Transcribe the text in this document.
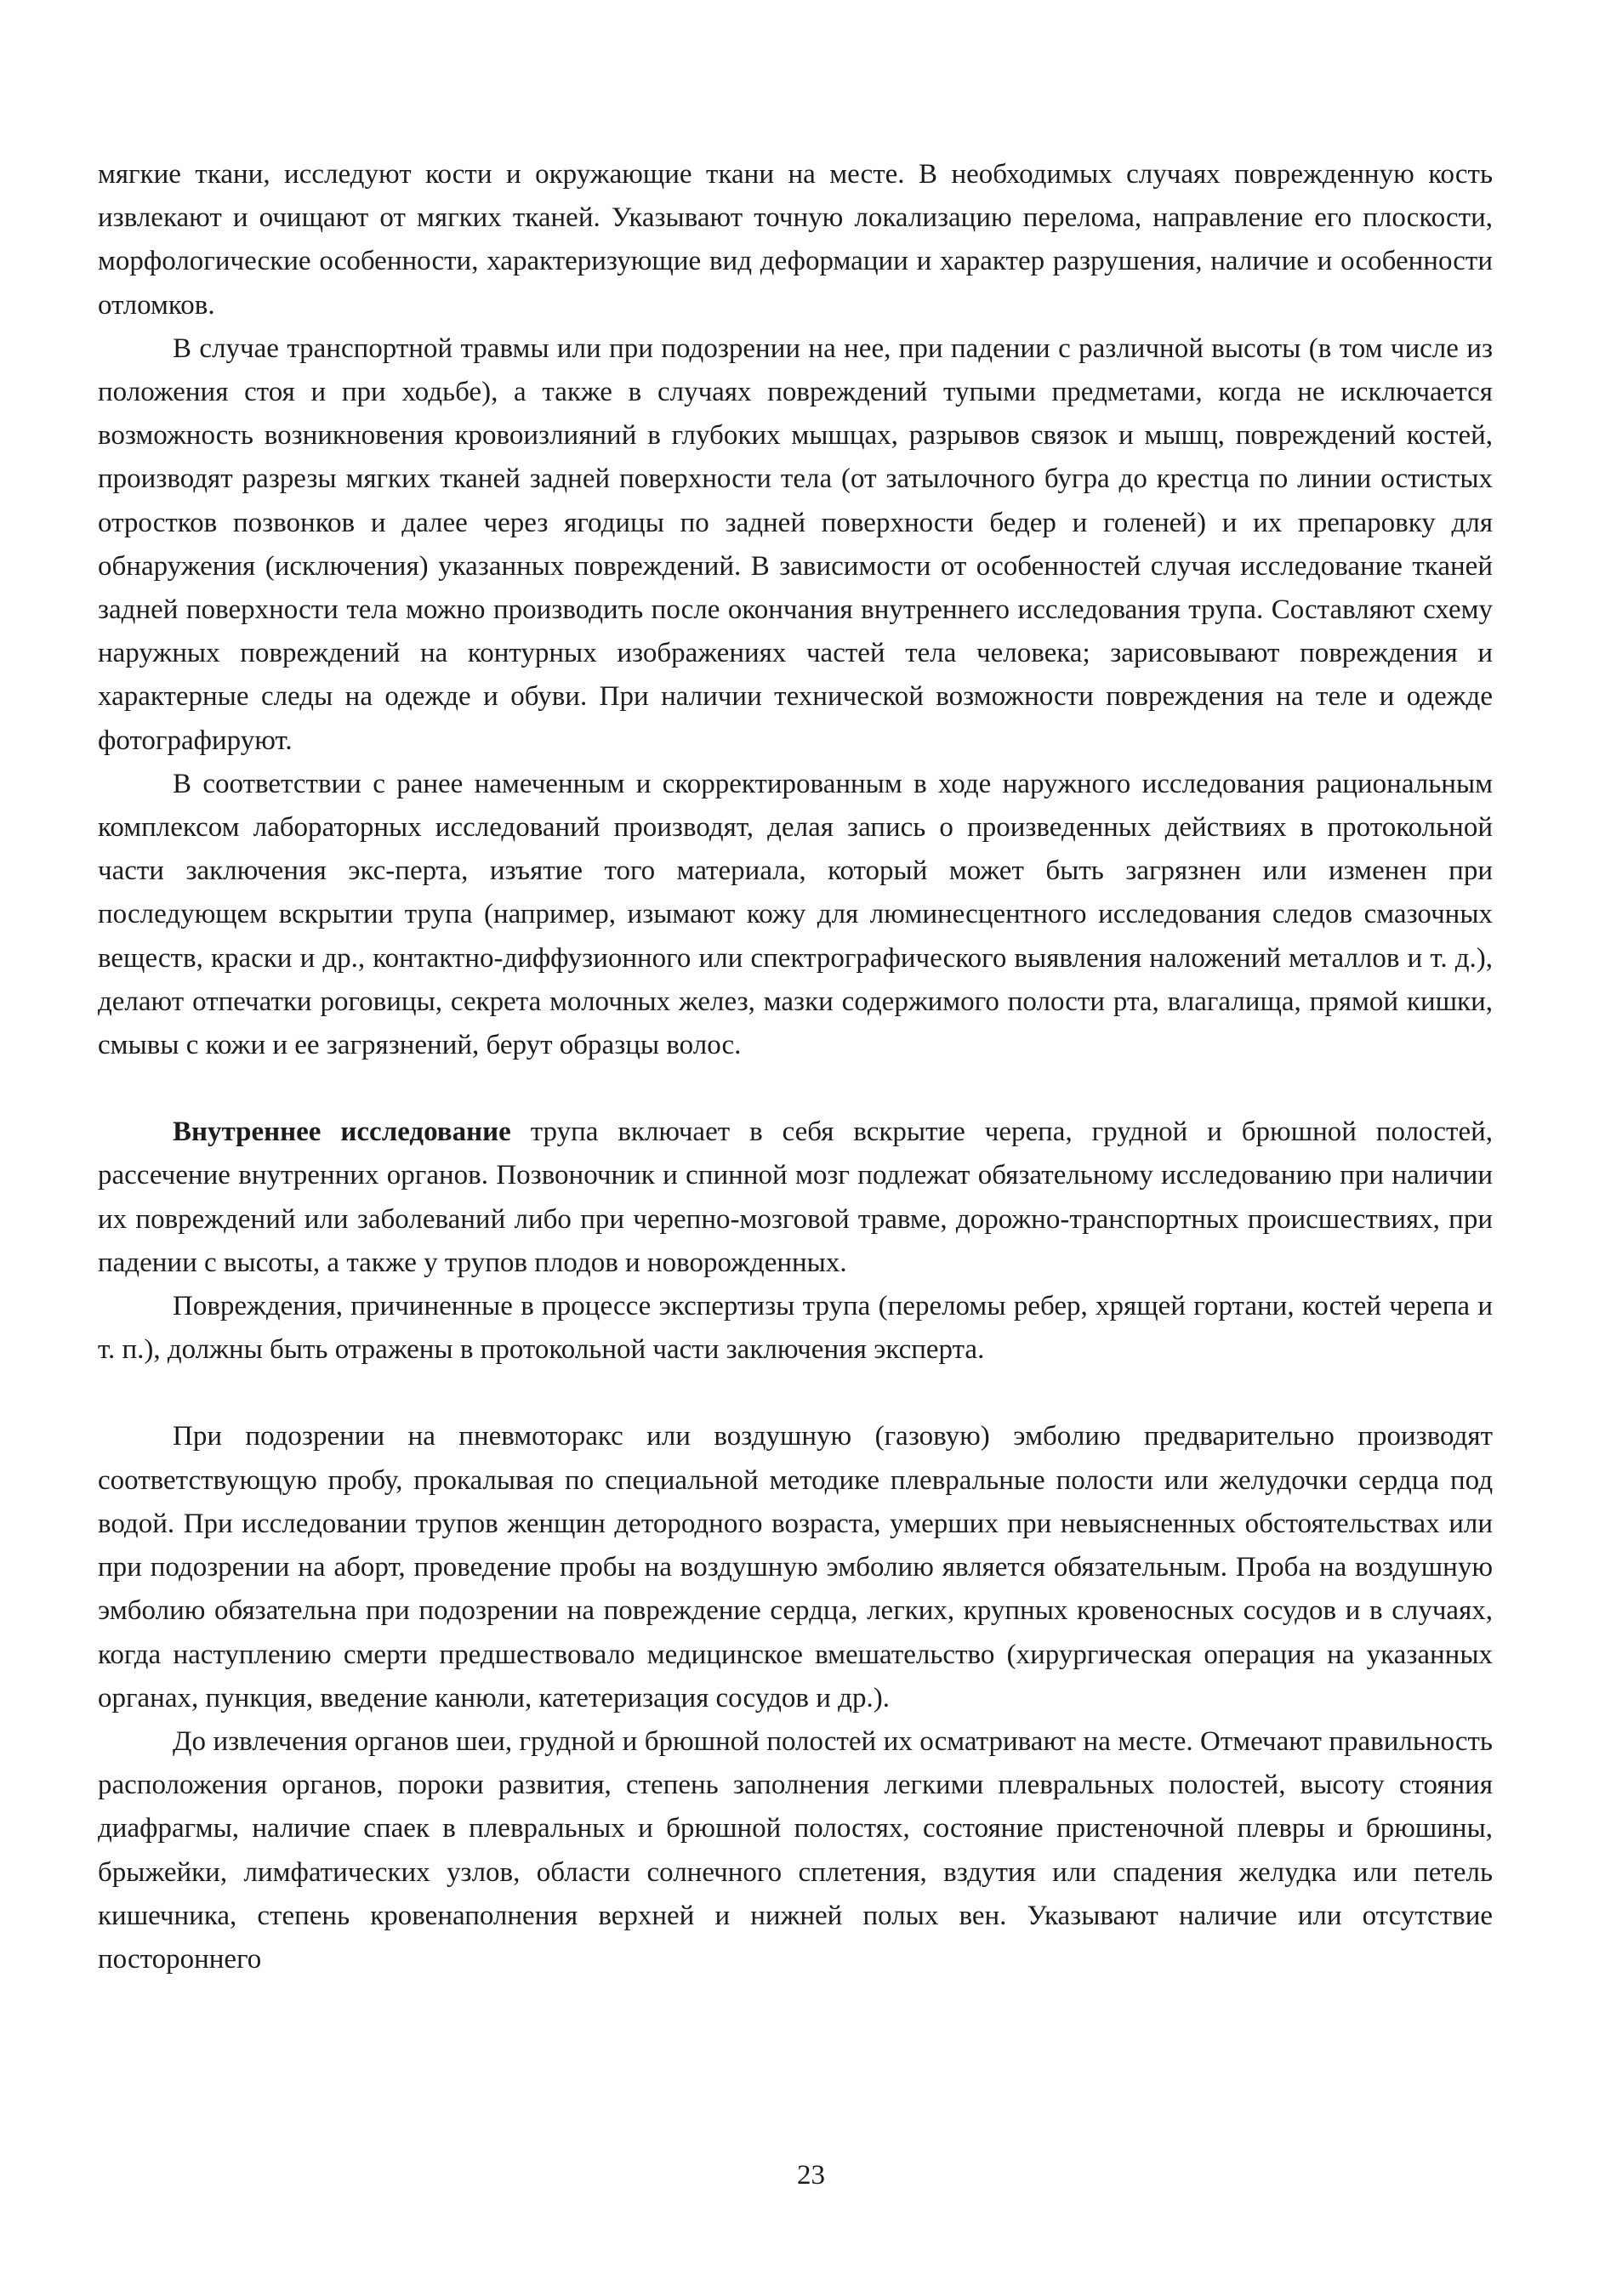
мягкие ткани, исследуют кости и окружающие ткани на месте. В необходимых случаях поврежденную кость извлекают и очищают от мягких тканей. Указывают точную локализацию перелома, направление его плоскости, морфологические особенности, характеризующие вид деформации и характер разрушения, наличие и особенности отломков.

В случае транспортной травмы или при подозрении на нее, при падении с различной высоты (в том числе из положения стоя и при ходьбе), а также в случаях повреждений тупыми предметами, когда не исключается возможность возникновения кровоизлияний в глубоких мышцах, разрывов связок и мышц, повреждений костей, производят разрезы мягких тканей задней поверхности тела (от затылочного бугра до крестца по линии остистых отростков позвонков и далее через ягодицы по задней поверхности бедер и голеней) и их препаровку для обнаружения (исключения) указанных повреждений. В зависимости от особенностей случая исследование тканей задней поверхности тела можно производить после окончания внутреннего исследования трупа. Составляют схему наружных повреждений на контурных изображениях частей тела человека; зарисовывают повреждения и характерные следы на одежде и обуви. При наличии технической возможности повреждения на теле и одежде фотографируют.

В соответствии с ранее намеченным и скорректированным в ходе наружного исследования рациональным комплексом лабораторных исследований производят, делая запись о произведенных действиях в протокольной части заключения экс-перта, изъятие того материала, который может быть загрязнен или изменен при последующем вскрытии трупа (например, изымают кожу для люминесцентного исследования следов смазочных веществ, краски и др., контактно-диффузионного или спектрографического выявления наложений металлов и т. д.), делают отпечатки роговицы, секрета молочных желез, мазки содержимого полости рта, влагалища, прямой кишки, смывы с кожи и ее загрязнений, берут образцы волос.

Внутреннее исследование трупа включает в себя вскрытие черепа, грудной и брюшной полостей, рассечение внутренних органов. Позвоночник и спинной мозг подлежат обязательному исследованию при наличии их повреждений или заболеваний либо при черепно-мозговой травме, дорожно-транспортных происшествиях, при падении с высоты, а также у трупов плодов и новорожденных.

Повреждения, причиненные в процессе экспертизы трупа (переломы ребер, хрящей гортани, костей черепа и т. п.), должны быть отражены в протокольной части заключения эксперта.

При подозрении на пневмоторакс или воздушную (газовую) эмболию предварительно производят соответствующую пробу, прокалывая по специальной методике плевральные полости или желудочки сердца под водой. При исследовании трупов женщин детородного возраста, умерших при невыясненных обстоятельствах или при подозрении на аборт, проведение пробы на воздушную эмболию является обязательным. Проба на воздушную эмболию обязательна при подозрении на повреждение сердца, легких, крупных кровеносных сосудов и в случаях, когда наступлению смерти предшествовало медицинское вмешательство (хирургическая операция на указанных органах, пункция, введение канюли, катетеризация сосудов и др.).

До извлечения органов шеи, грудной и брюшной полостей их осматривают на месте. Отмечают правильность расположения органов, пороки развития, степень заполнения легкими плевральных полостей, высоту стояния диафрагмы, наличие спаек в плевральных и брюшной полостях, состояние пристеночной плевры и брюшины, брыжейки, лимфатических узлов, области солнечного сплетения, вздутия или спадения желудка или петель кишечника, степень кровенаполнения верхней и нижней полых вен. Указывают наличие или отсутствие постороннего

23
